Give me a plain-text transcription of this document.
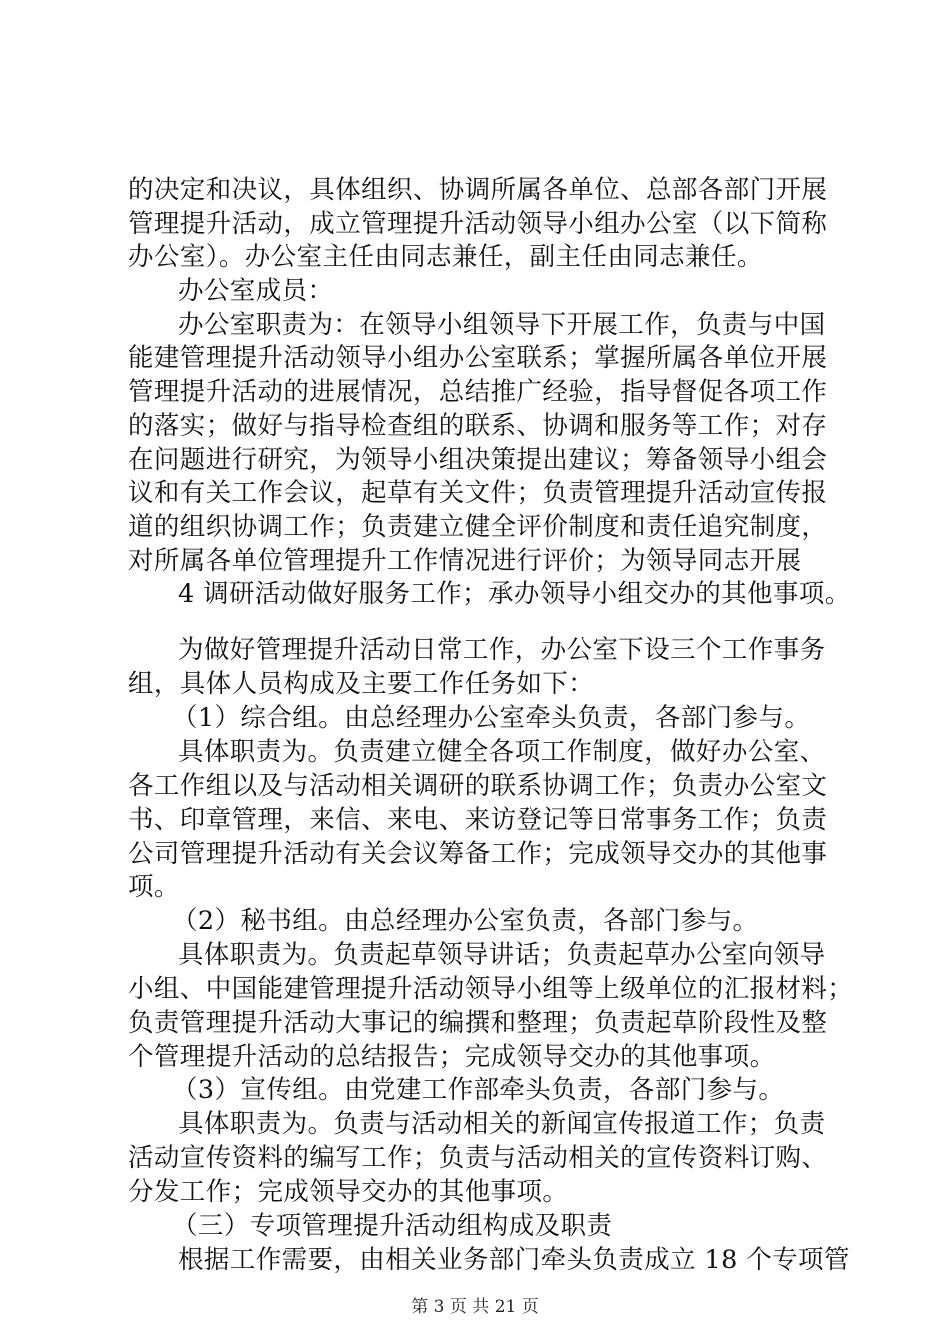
的决定和决议，具体组织、协调所属各单位、总部各部门开展
管理提升活动，成立管理提升活动领导小组办公室（以下简称
办公室）。办公室主任由同志兼任，副主任由同志兼任。
办公室成员：
办公室职责为：在领导小组领导下开展工作，负责与中国
能建管理提升活动领导小组办公室联系；掌握所属各单位开展
管理提升活动的进展情况，总结推广经验，指导督促各项工作
的落实；做好与指导检查组的联系、协调和服务等工作；对存
在问题进行研究，为领导小组决策提出建议；筹备领导小组会
议和有关工作会议，起草有关文件；负责管理提升活动宣传报
道的组织协调工作；负责建立健全评价制度和责任追究制度，
对所属各单位管理提升工作情况进行评价；为领导同志开展
4 调研活动做好服务工作；承办领导小组交办的其他事项。
为做好管理提升活动日常工作，办公室下设三个工作事务
组，具体人员构成及主要工作任务如下：
（1）综合组。由总经理办公室牵头负责，各部门参与。
具体职责为。负责建立健全各项工作制度，做好办公室、
各工作组以及与活动相关调研的联系协调工作；负责办公室文
书、印章管理，来信、来电、来访登记等日常事务工作；负责
公司管理提升活动有关会议筹备工作；完成领导交办的其他事
项。
（2）秘书组。由总经理办公室负责，各部门参与。
具体职责为。负责起草领导讲话；负责起草办公室向领导
小组、中国能建管理提升活动领导小组等上级单位的汇报材料；
负责管理提升活动大事记的编撰和整理；负责起草阶段性及整
个管理提升活动的总结报告；完成领导交办的其他事项。
（3）宣传组。由党建工作部牵头负责，各部门参与。
具体职责为。负责与活动相关的新闻宣传报道工作；负责
活动宣传资料的编写工作；负责与活动相关的宣传资料订购、
分发工作；完成领导交办的其他事项。
（三）专项管理提升活动组构成及职责
根据工作需要，由相关业务部门牵头负责成立 18 个专项管
第 3 页 共 21 页
